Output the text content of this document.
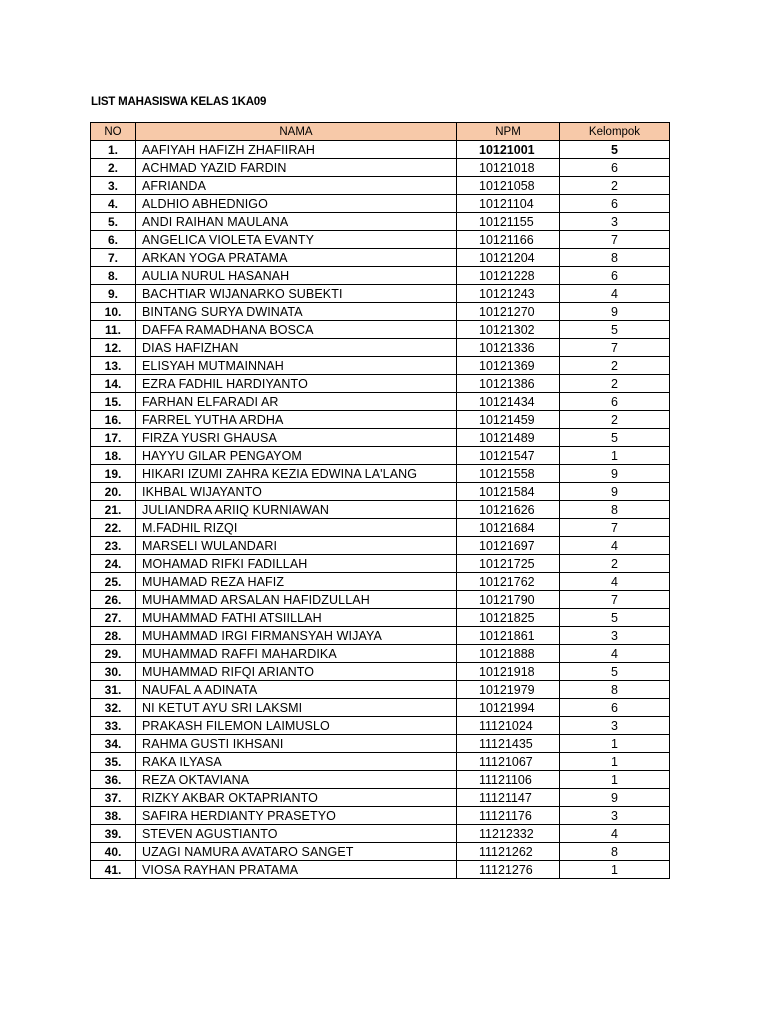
LIST MAHASISWA KELAS 1KA09
NO	NAMA	NPM	Kelompok
1.	AAFIYAH HAFIZH ZHAFIIRAH	10121001	5
2.	ACHMAD YAZID FARDIN	10121018	6
3.	AFRIANDA	10121058	2
4.	ALDHIO ABHEDNIGO	10121104	6
5.	ANDI RAIHAN MAULANA	10121155	3
6.	ANGELICA VIOLETA EVANTY	10121166	7
7.	ARKAN YOGA PRATAMA	10121204	8
8.	AULIA NURUL HASANAH	10121228	6
9.	BACHTIAR WIJANARKO SUBEKTI	10121243	4
10.	BINTANG SURYA DWINATA	10121270	9
11.	DAFFA RAMADHANA BOSCA	10121302	5
12.	DIAS HAFIZHAN	10121336	7
13.	ELISYAH MUTMAINNAH	10121369	2
14.	EZRA FADHIL HARDIYANTO	10121386	2
15.	FARHAN ELFARADI AR	10121434	6
16.	FARREL YUTHA ARDHA	10121459	2
17.	FIRZA YUSRI GHAUSA	10121489	5
18.	HAYYU GILAR PENGAYOM	10121547	1
19.	HIKARI IZUMI ZAHRA KEZIA EDWINA LA'LANG	10121558	9
20.	IKHBAL WIJAYANTO	10121584	9
21.	JULIANDRA ARIIQ KURNIAWAN	10121626	8
22.	M.FADHIL RIZQI	10121684	7
23.	MARSELI WULANDARI	10121697	4
24.	MOHAMAD RIFKI FADILLAH	10121725	2
25.	MUHAMAD REZA HAFIZ	10121762	4
26.	MUHAMMAD ARSALAN HAFIDZULLAH	10121790	7
27.	MUHAMMAD FATHI ATSIILLAH	10121825	5
28.	MUHAMMAD IRGI FIRMANSYAH WIJAYA	10121861	3
29.	MUHAMMAD RAFFI MAHARDIKA	10121888	4
30.	MUHAMMAD RIFQI ARIANTO	10121918	5
31.	NAUFAL A ADINATA	10121979	8
32.	NI KETUT AYU SRI LAKSMI	10121994	6
33.	PRAKASH FILEMON LAIMUSLO	11121024	3
34.	RAHMA GUSTI IKHSANI	11121435	1
35.	RAKA ILYASA	11121067	1
36.	REZA OKTAVIANA	11121106	1
37.	RIZKY AKBAR OKTAPRIANTO	11121147	9
38.	SAFIRA HERDIANTY PRASETYO	11121176	3
39.	STEVEN AGUSTIANTO	11212332	4
40.	UZAGI NAMURA AVATARO SANGET	11121262	8
41.	VIOSA RAYHAN PRATAMA	11121276	1
